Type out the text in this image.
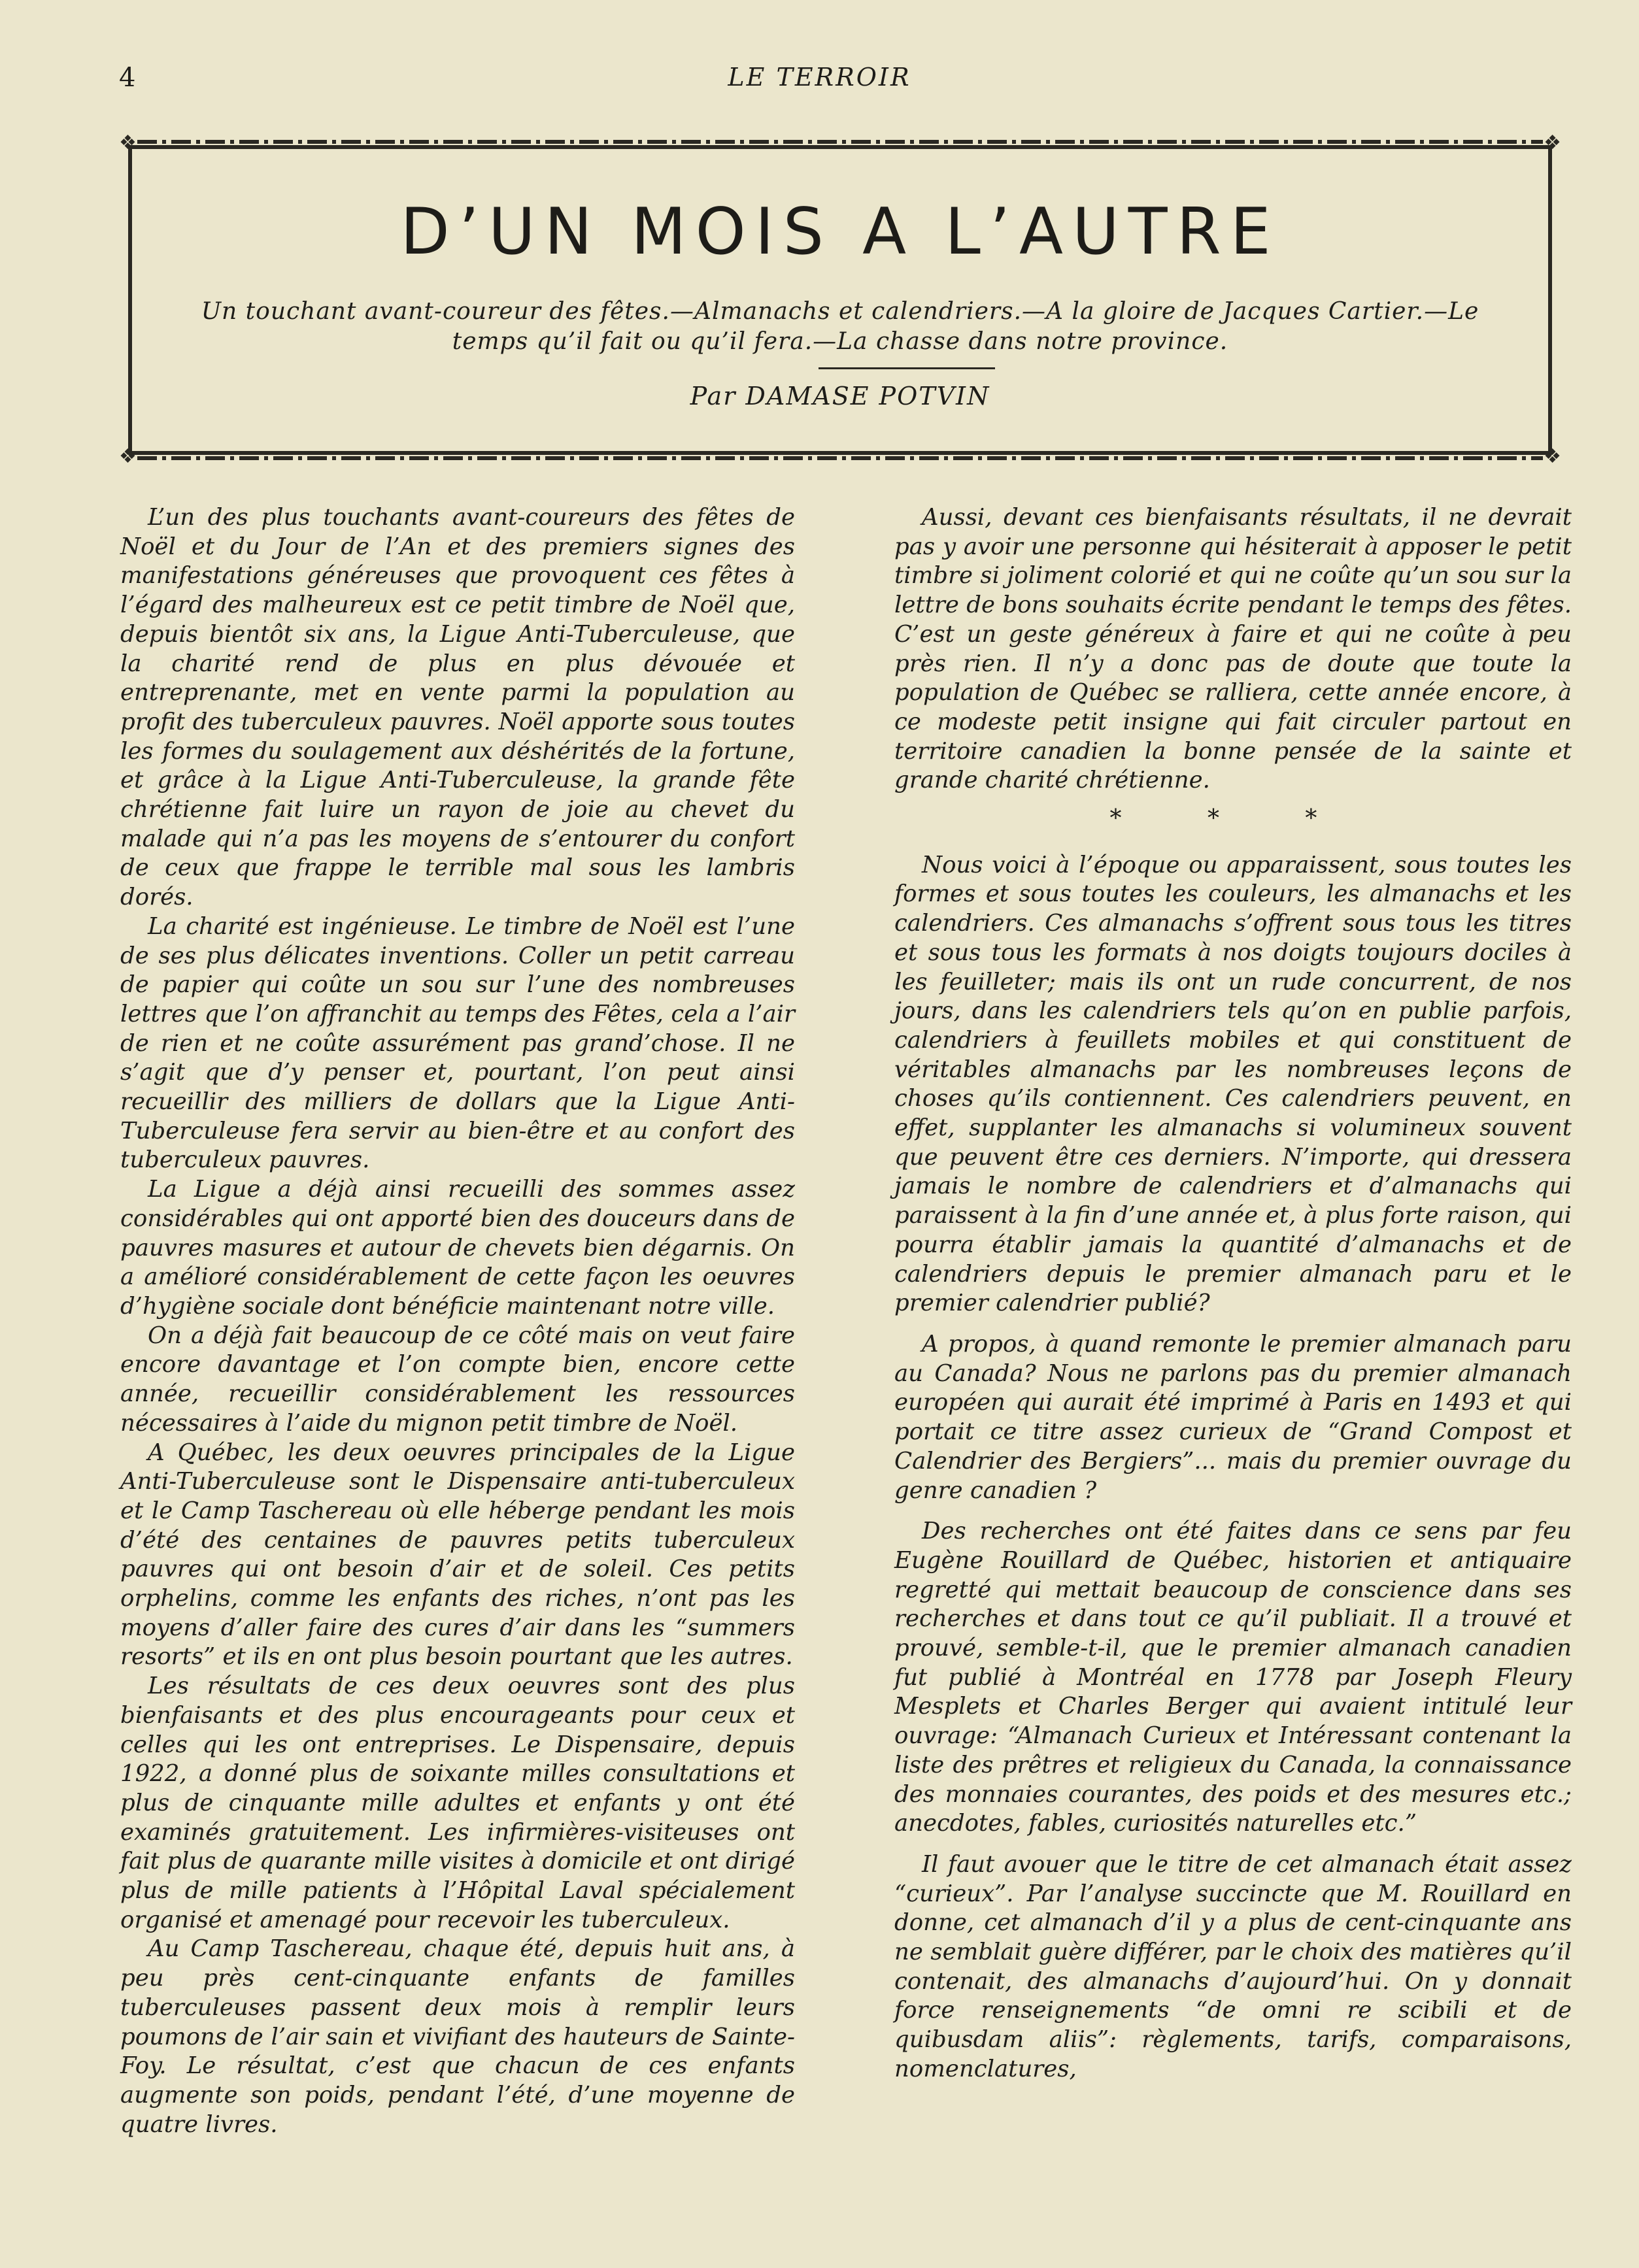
4	LE TERROIR
❖	❖
❖	❖
D’UN MOIS A L’AUTRE

Un touchant avant-coureur des fêtes.—Almanachs et calendriers.—A la gloire de Jacques Cartier.—Le temps qu’il fait ou qu’il fera.—La chasse dans notre province.

Par DAMASE POTVIN

L’un des plus touchants avant-coureurs des fêtes de Noël et du Jour de l’An et des premiers signes des manifestations généreuses que provoquent ces fêtes à l’égard des malheureux est ce petit timbre de Noël que, depuis bientôt six ans, la Ligue Anti-Tuberculeuse, que la charité rend de plus en plus dévouée et entreprenante, met en vente parmi la population au profit des tuberculeux pauvres. Noël apporte sous toutes les formes du soulagement aux déshérités de la fortune, et grâce à la Ligue Anti-Tuberculeuse, la grande fête chrétienne fait luire un rayon de joie au chevet du malade qui n’a pas les moyens de s’entourer du confort de ceux que frappe le terrible mal sous les lambris dorés.

La charité est ingénieuse. Le timbre de Noël est l’une de ses plus délicates inventions. Coller un petit carreau de papier qui coûte un sou sur l’une des nombreuses lettres que l’on affranchit au temps des Fêtes, cela a l’air de rien et ne coûte assurément pas grand’chose. Il ne s’agit que d’y penser et, pourtant, l’on peut ainsi recueillir des milliers de dollars que la Ligue Anti-Tuberculeuse fera servir au bien-être et au confort des tuberculeux pauvres.

La Ligue a déjà ainsi recueilli des sommes assez considérables qui ont apporté bien des douceurs dans de pauvres masures et autour de chevets bien dégarnis. On a amélioré considérablement de cette façon les oeuvres d’hygiène sociale dont bénéficie maintenant notre ville.

On a déjà fait beaucoup de ce côté mais on veut faire encore davantage et l’on compte bien, encore cette année, recueillir considérablement les ressources nécessaires à l’aide du mignon petit timbre de Noël.

A Québec, les deux oeuvres principales de la Ligue Anti-Tuberculeuse sont le Dispensaire anti-tuberculeux et le Camp Taschereau où elle héberge pendant les mois d’été des centaines de pauvres petits tuberculeux pauvres qui ont besoin d’air et de soleil. Ces petits orphelins, comme les enfants des riches, n’ont pas les moyens d’aller faire des cures d’air dans les “summers resorts” et ils en ont plus besoin pourtant que les autres.

Les résultats de ces deux oeuvres sont des plus bienfaisants et des plus encourageants pour ceux et celles qui les ont entreprises. Le Dispensaire, depuis 1922, a donné plus de soixante milles consultations et plus de cinquante mille adultes et enfants y ont été examinés gratuitement. Les infirmières-visiteuses ont fait plus de quarante mille visites à domicile et ont dirigé plus de mille patients à l’Hôpital Laval spécialement organisé et amenagé pour recevoir les tuberculeux.

Au Camp Taschereau, chaque été, depuis huit ans, à peu près cent-cinquante enfants de familles tuberculeuses passent deux mois à remplir leurs poumons de l’air sain et vivifiant des hauteurs de Sainte-Foy. Le résultat, c’est que chacun de ces enfants augmente son poids, pendant l’été, d’une moyenne de quatre livres.

Aussi, devant ces bienfaisants résultats, il ne devrait pas y avoir une personne qui hésiterait à apposer le petit timbre si joliment colorié et qui ne coûte qu’un sou sur la lettre de bons souhaits écrite pendant le temps des fêtes. C’est un geste généreux à faire et qui ne coûte à peu près rien. Il n’y a donc pas de doute que toute la population de Québec se ralliera, cette année encore, à ce modeste petit insigne qui fait circuler partout en territoire canadien la bonne pensée de la sainte et grande charité chrétienne.

* * *

Nous voici à l’époque ou apparaissent, sous toutes les formes et sous toutes les couleurs, les almanachs et les calendriers. Ces almanachs s’offrent sous tous les titres et sous tous les formats à nos doigts toujours dociles à les feuilleter; mais ils ont un rude concurrent, de nos jours, dans les calendriers tels qu’on en publie parfois, calendriers à feuillets mobiles et qui constituent de véritables almanachs par les nombreuses leçons de choses qu’ils contiennent. Ces calendriers peuvent, en effet, supplanter les almanachs si volumineux souvent que peuvent être ces derniers. N’importe, qui dressera jamais le nombre de calendriers et d’almanachs qui paraissent à la fin d’une année et, à plus forte raison, qui pourra établir jamais la quantité d’almanachs et de calendriers depuis le premier almanach paru et le premier calendrier publié?

A propos, à quand remonte le premier almanach paru au Canada? Nous ne parlons pas du premier almanach européen qui aurait été imprimé à Paris en 1493 et qui portait ce titre assez curieux de “Grand Compost et Calendrier des Bergiers”... mais du premier ouvrage du genre canadien ?

Des recherches ont été faites dans ce sens par feu Eugène Rouillard de Québec, historien et antiquaire regretté qui mettait beaucoup de conscience dans ses recherches et dans tout ce qu’il publiait. Il a trouvé et prouvé, semble-t-il, que le premier almanach canadien fut publié à Montréal en 1778 par Joseph Fleury Mesplets et Charles Berger qui avaient intitulé leur ouvrage: “Almanach Curieux et Intéressant contenant la liste des prêtres et religieux du Canada, la connaissance des monnaies courantes, des poids et des mesures etc.; anecdotes, fables, curiosités naturelles etc.”

Il faut avouer que le titre de cet almanach était assez “curieux”. Par l’analyse succincte que M. Rouillard en donne, cet almanach d’il y a plus de cent-cinquante ans ne semblait guère différer, par le choix des matières qu’il contenait, des almanachs d’aujourd’hui. On y donnait force renseignements “de omni re scibili et de quibusdam aliis”: règlements, tarifs, comparaisons, nomenclatures,
